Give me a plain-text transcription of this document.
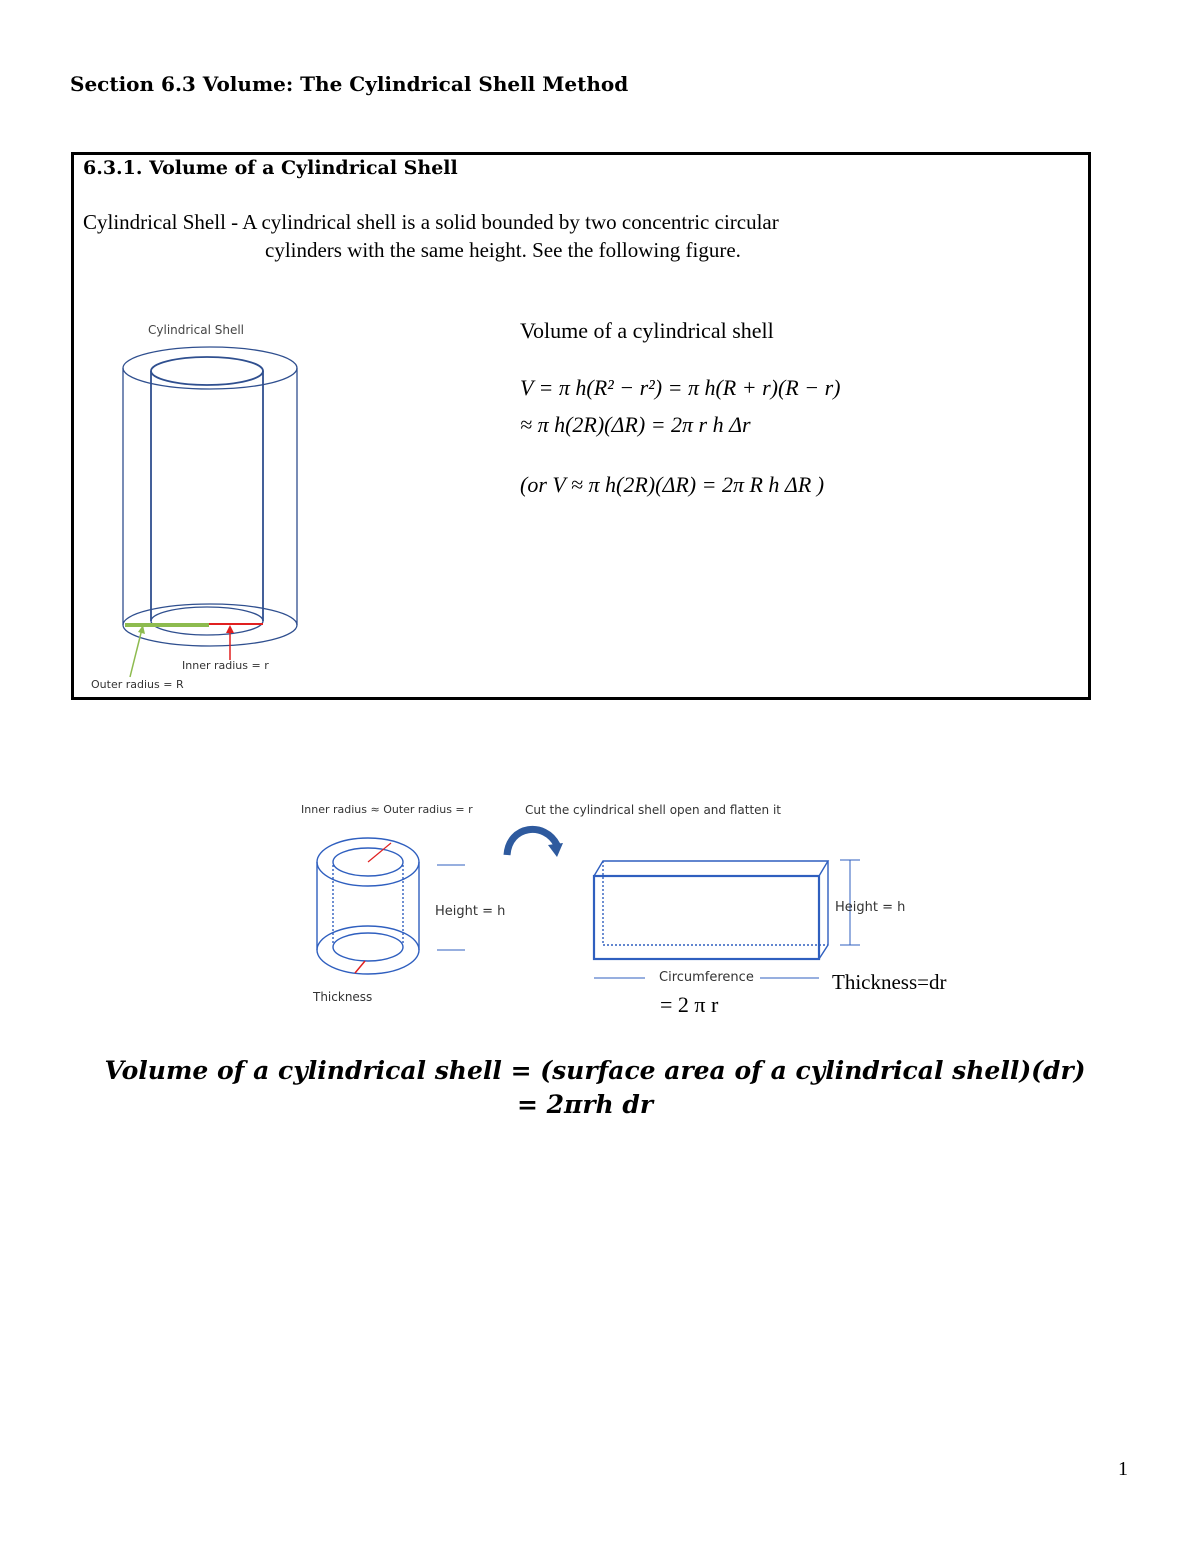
Section 6.3 Volume: The Cylindrical Shell Method
6.3.1. Volume of a Cylindrical Shell
Cylindrical Shell - A cylindrical shell is a solid bounded by two concentric circular
cylinders with the same height. See the following figure.
Cylindrical Shell
Inner radius = r
Outer radius = R
Volume of a cylindrical shell
V = π h(R² − r²) = π h(R + r)(R − r)
≈ π h(2R)(ΔR) = 2π r h Δr
(or V ≈ π h(2R)(ΔR) = 2π R h ΔR )
Inner radius ≈ Outer radius = r	Cut the cylindrical shell open and flatten it
Height = h
Thickness
Height = h
Circumference
= 2 π r
Thickness=dr
Volume of a cylindrical shell = (surface area of a cylindrical shell)(dr)
= 2πrh dr
1
